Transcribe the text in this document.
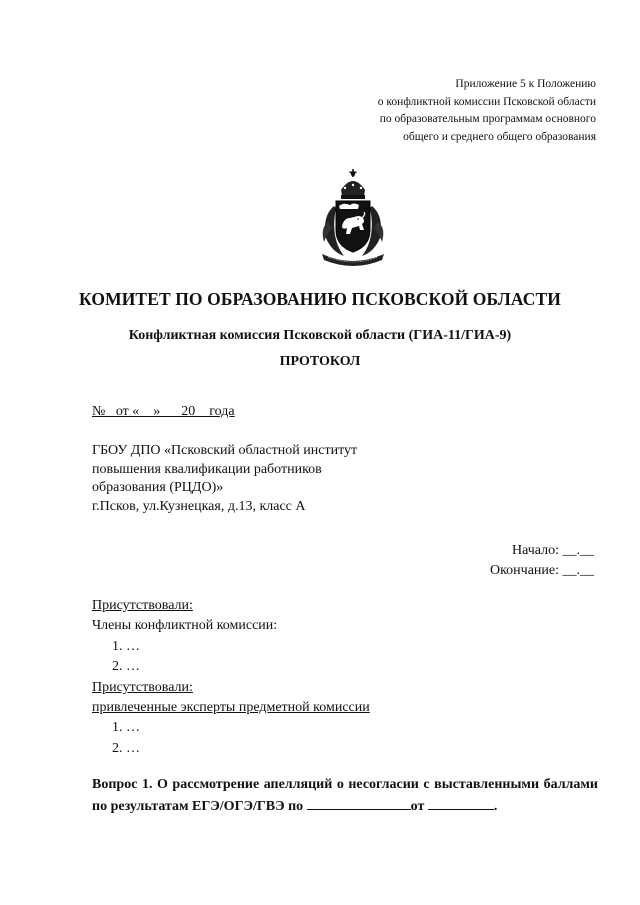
Приложение 5 к Положению
о конфликтной комиссии Псковской области
по образовательным программам основного
общего и среднего общего образования
КОМИТЕТ ПО ОБРАЗОВАНИЮ ПСКОВСКОЙ ОБЛАСТИ
Конфликтная комиссия Псковской области (ГИА-11/ГИА-9)
ПРОТОКОЛ
№   от «    »      20    года
ГБОУ ДПО «Псковский областной институт
повышения квалификации работников
образования (РЦДО)»
г.Псков, ул.Кузнецкая, д.13, класс А
Начало: __.__
Окончание: __.__
Присутствовали:
Члены конфликтной комиссии:
1. …
2. …
Присутствовали:
привлеченные эксперты предметной комиссии
1. …
2. …
Вопрос 1. О рассмотрение апелляций о несогласии с выставленными баллами по результатам ЕГЭ/ОГЭ/ГВЭ по	от	.
